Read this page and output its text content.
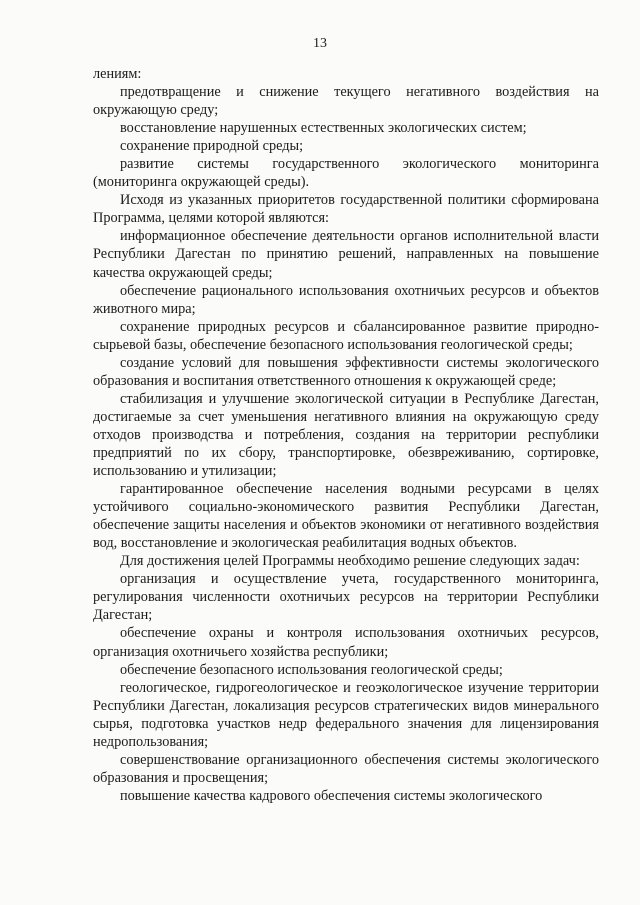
13

лениям:

предотвращение и снижение текущего негативного воздействия на окружающую среду;

восстановление нарушенных естественных экологических систем;

сохранение природной среды;

развитие системы государственного экологического мониторинга (мониторинга окружающей среды).

Исходя из указанных приоритетов государственной политики сформирована Программа, целями которой являются:

информационное обеспечение деятельности органов исполнительной власти Республики Дагестан по принятию решений, направленных на повышение качества окружающей среды;

обеспечение рационального использования охотничьих ресурсов и объектов животного мира;

сохранение природных ресурсов и сбалансированное развитие природно-сырьевой базы, обеспечение безопасного использования геологической среды;

создание условий для повышения эффективности системы экологического образования и воспитания ответственного отношения к окружающей среде;

стабилизация и улучшение экологической ситуации в Республике Дагестан, достигаемые за счет уменьшения негативного влияния на окружающую среду отходов производства и потребления, создания на территории республики предприятий по их сбору, транспортировке, обезвреживанию, сортировке, использованию и утилизации;

гарантированное обеспечение населения водными ресурсами в целях устойчивого социально-экономического развития Республики Дагестан, обеспечение защиты населения и объектов экономики от негативного воздействия вод, восстановление и экологическая реабилитация водных объектов.

Для достижения целей Программы необходимо решение следующих задач:

организация и осуществление учета, государственного мониторинга, регулирования численности охотничьих ресурсов на территории Республики Дагестан;

обеспечение охраны и контроля использования охотничьих ресурсов, организация охотничьего хозяйства республики;

обеспечение безопасного использования геологической среды;

геологическое, гидрогеологическое и геоэкологическое изучение территории Республики Дагестан, локализация ресурсов стратегических видов минерального сырья, подготовка участков недр федерального значения для лицензирования недропользования;

совершенствование организационного обеспечения системы экологического образования и просвещения;

повышение качества кадрового обеспечения системы экологического
